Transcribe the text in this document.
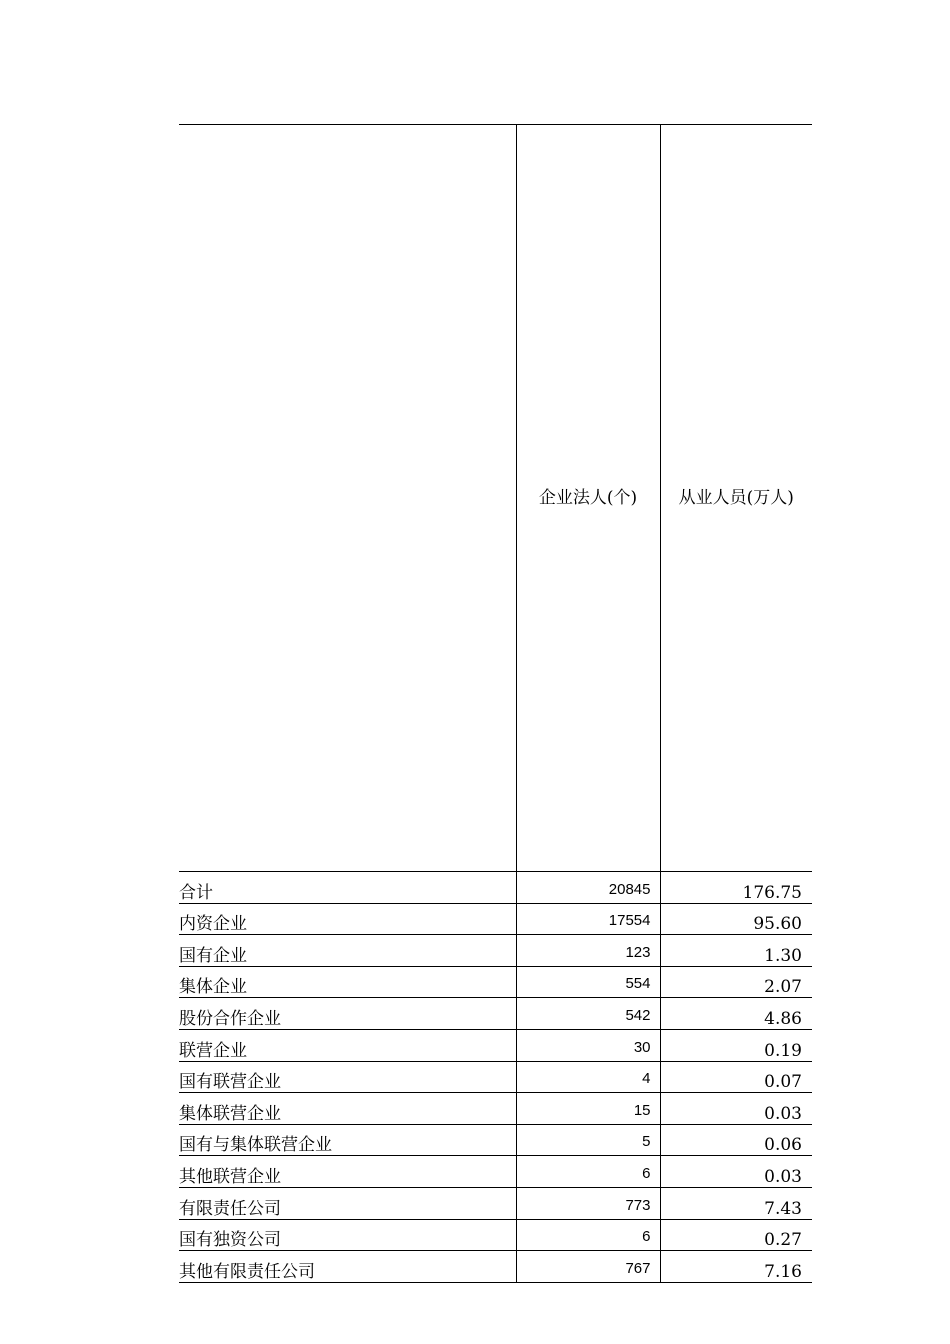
	企业法人(个)	从业人员(万人)
合计	20845	176.75
内资企业	17554	95.60
国有企业	123	1.30
集体企业	554	2.07
股份合作企业	542	4.86
联营企业	30	0.19
国有联营企业	4	0.07
集体联营企业	15	0.03
国有与集体联营企业	5	0.06
其他联营企业	6	0.03
有限责任公司	773	7.43
国有独资公司	6	0.27
其他有限责任公司	767	7.16
